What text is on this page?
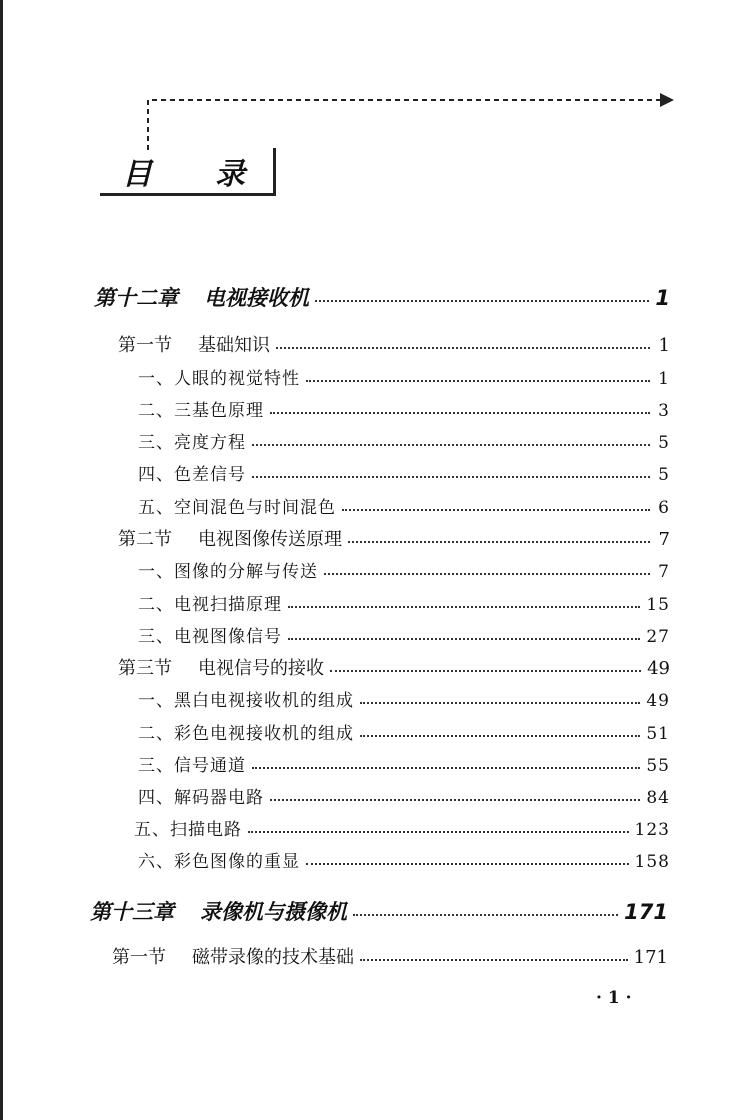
目 录
第十二章 电视接收机	1
第一节 基础知识	1
一、人眼的视觉特性	1
二、三基色原理	3
三、亮度方程	5
四、色差信号	5
五、空间混色与时间混色	6
第二节 电视图像传送原理	7
一、图像的分解与传送	7
二、电视扫描原理	15
三、电视图像信号	27
第三节 电视信号的接收	49
一、黑白电视接收机的组成	49
二、彩色电视接收机的组成	51
三、信号通道	55
四、解码器电路	84
五、扫描电路	123
六、彩色图像的重显	158
第十三章 录像机与摄像机	171
第一节 磁带录像的技术基础	171
· 1 ·
